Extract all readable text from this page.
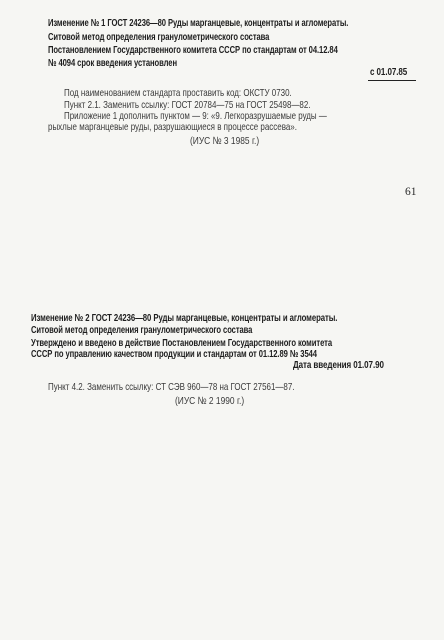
Изменение № 1 ГОСТ 24236—80 Руды марганцевые, концентраты и агломераты.
Ситовой метод определения гранулометрического состава
Постановлением Государственного комитета СССР по стандартам от 04.12.84
№ 4094 срок введения установлен
с 01.07.85
Под наименованием стандарта проставить код: ОКСТУ 0730.
Пункт 2.1. Заменить ссылку: ГОСТ 20784—75 на ГОСТ 25498—82.
Приложение 1 дополнить пунктом — 9: «9. Легкоразрушаемые руды —
рыхлые марганцевые руды, разрушающиеся в процессе рассева».
(ИУС № 3 1985 г.)
61
Изменение № 2 ГОСТ 24236—80 Руды марганцевые, концентраты и агломераты.
Ситовой метод определения гранулометрического состава
Утверждено и введено в действие Постановлением Государственного комитета
СССР по управлению качеством продукции и стандартам от 01.12.89 № 3544
Дата введения 01.07.90
Пункт 4.2. Заменить ссылку: СТ СЭВ 960—78 на ГОСТ 27561—87.
(ИУС № 2 1990 г.)
